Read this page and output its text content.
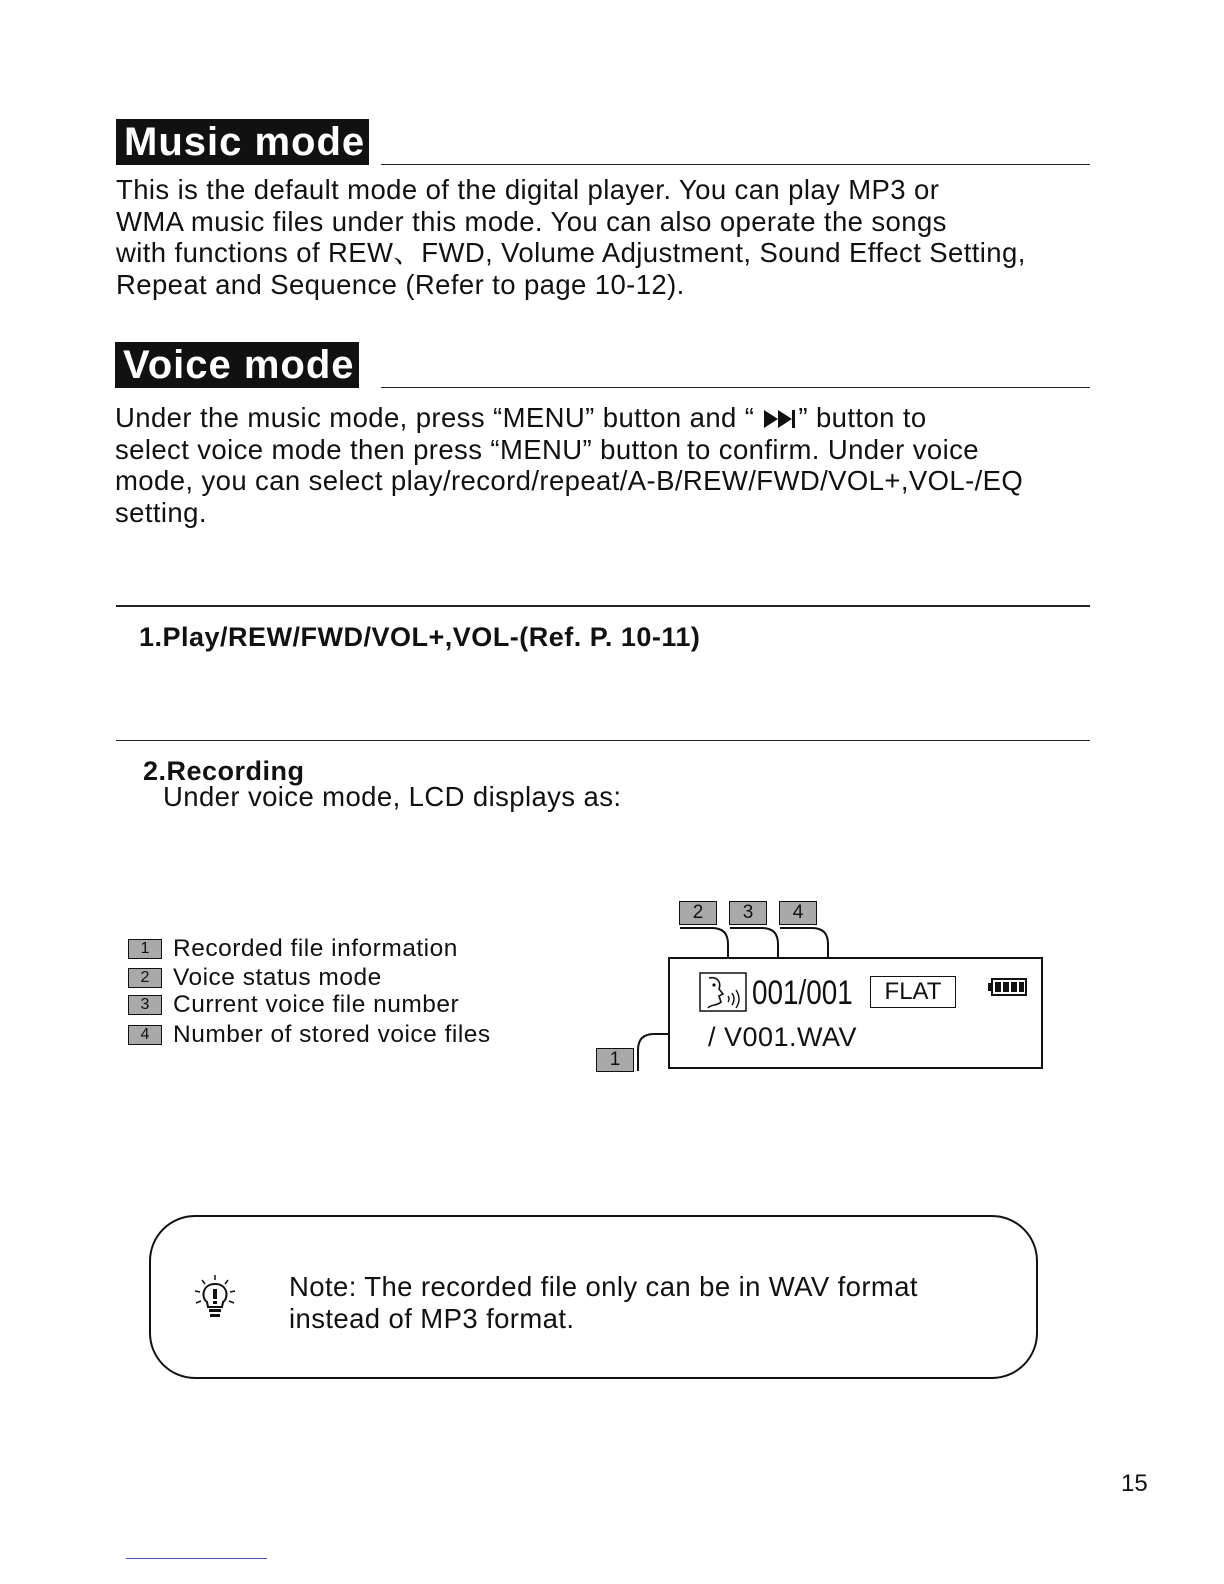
Music mode
This is the default mode of the digital player. You can play MP3 or
WMA music files under this mode. You can also operate the songs
with functions of REW、FWD, Volume Adjustment, Sound Effect Setting,
Repeat and Sequence (Refer to page 10-12).
Voice mode
Under the music mode, press “MENU” button and “ ” button to
select voice mode then press “MENU” button to confirm. Under voice
mode, you can select play/record/repeat/A-B/REW/FWD/VOL+,VOL-/EQ
setting.
1.Play/REW/FWD/VOL+,VOL-(Ref. P. 10-11)
2.Recording
Under voice mode, LCD displays as:
1 Recorded file information
2 Voice status mode
3 Current voice file number
4 Number of stored voice files
2	3	4
1
001/001	FLAT
/ V001.WAV
Note: The recorded file only can be in WAV format
instead of MP3 format.
15
